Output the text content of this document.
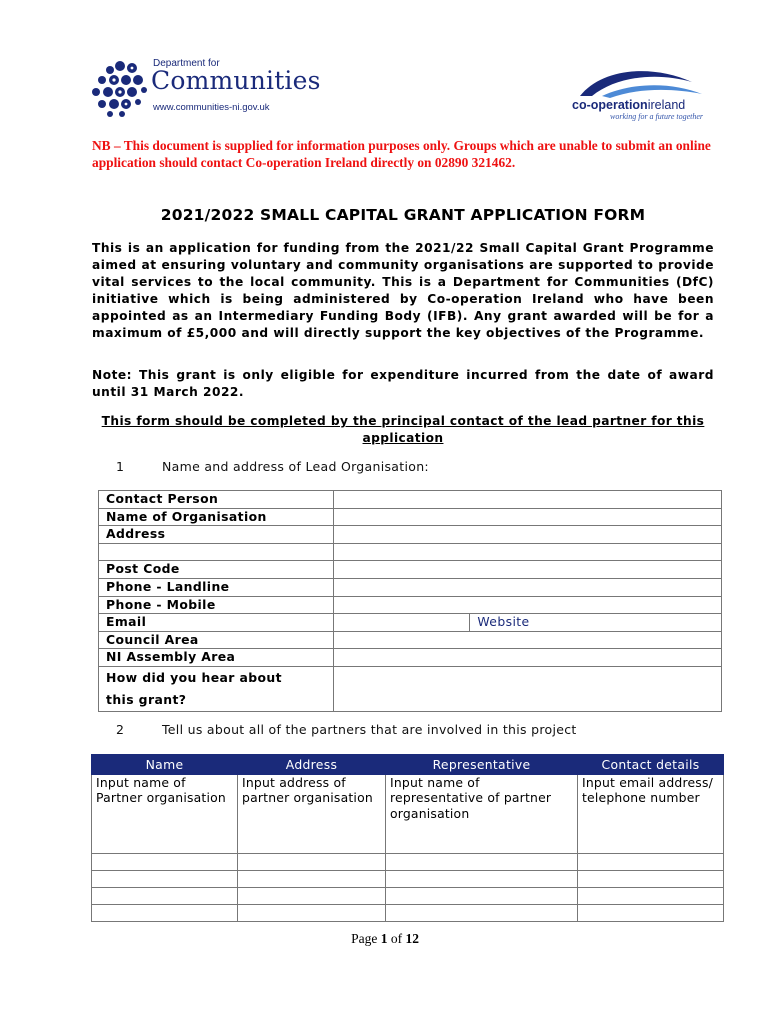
Department for
Communities
www.communities-ni.gov.uk	co-operationireland
working for a future together
NB – This document is supplied for information purposes only. Groups which are unable to submit an online application should contact Co-operation Ireland directly on 02890 321462.
2021/2022 SMALL CAPITAL GRANT APPLICATION FORM
This is an application for funding from the 2021/22 Small Capital Grant Programme aimed at ensuring voluntary and community organisations are supported to provide vital services to the local community. This is a Department for Communities (DfC) initiative which is being administered by Co-operation Ireland who have been appointed as an Intermediary Funding Body (IFB). Any grant awarded will be for a maximum of £5,000 and will directly support the key objectives of the Programme.
Note: This grant is only eligible for expenditure incurred from the date of award until 31 March 2022.
This form should be completed by the principal contact of the lead partner for this application
1	Name and address of Lead Organisation:
Contact Person		
Name of Organisation		
Address		

Post Code		
Phone - Landline		
Phone - Mobile		
Email		Website
Council Area		
NI Assembly Area		
How did you hear about this grant?		
2	Tell us about all of the partners that are involved in this project
Name	Address	Representative	Contact details
Input name of Partner organisation	Input address of partner organisation	Input name of representative of partner organisation	Input email address/ telephone number

Page 1 of 12
